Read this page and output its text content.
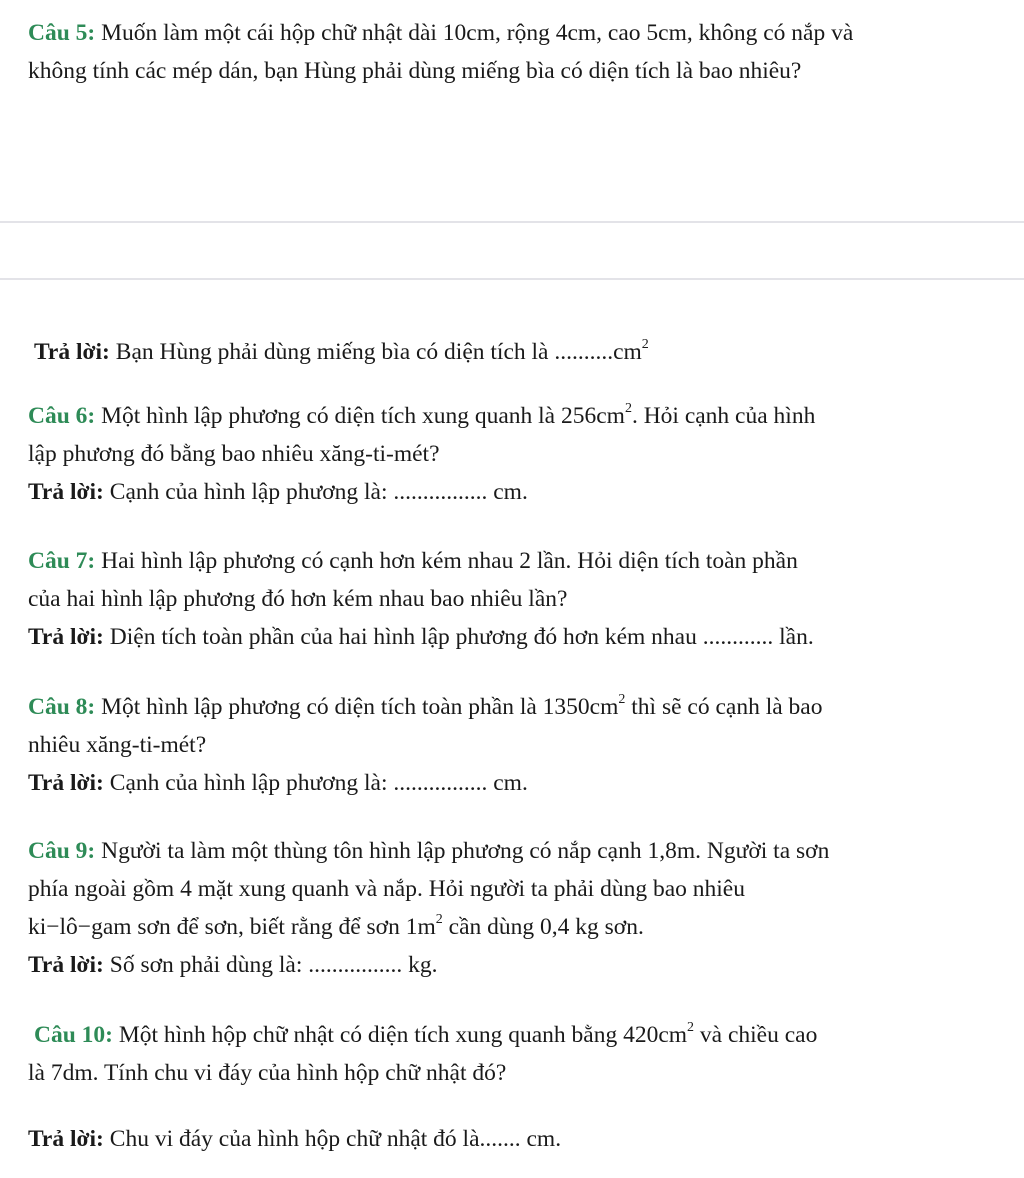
Câu 5: Muốn làm một cái hộp chữ nhật dài 10cm, rộng 4cm, cao 5cm, không có nắp và
không tính các mép dán, bạn Hùng phải dùng miếng bìa có diện tích là bao nhiêu?
Trả lời: Bạn Hùng phải dùng miếng bìa có diện tích là $..........cm^2$
Câu 6: Một hình lập phương có diện tích xung quanh là $256cm^2$. Hỏi cạnh của hình
lập phương đó bằng bao nhiêu xăng-ti-mét?
Trả lời: Cạnh của hình lập phương là: ................ cm.
Câu 7: Hai hình lập phương có cạnh hơn kém nhau 2 lần. Hỏi diện tích toàn phần
của hai hình lập phương đó hơn kém nhau bao nhiêu lần?
Trả lời: Diện tích toàn phần của hai hình lập phương đó hơn kém nhau ............ lần.
Câu 8: Một hình lập phương có diện tích toàn phần là $1350cm^2$ thì sẽ có cạnh là bao
nhiêu xăng-ti-mét?
Trả lời: Cạnh của hình lập phương là: ................ cm.
Câu 9: Người ta làm một thùng tôn hình lập phương có nắp cạnh 1,8m. Người ta sơn
phía ngoài gồm 4 mặt xung quanh và nắp. Hỏi người ta phải dùng bao nhiêu
ki−lô−gam sơn để sơn, biết rằng để sơn $1m^2$ cần dùng 0,4 kg sơn.
Trả lời: Số sơn phải dùng là: ................ kg.
Câu 10: Một hình hộp chữ nhật có diện tích xung quanh bằng $420cm^2$ và chiều cao
là 7dm. Tính chu vi đáy của hình hộp chữ nhật đó?
Trả lời: Chu vi đáy của hình hộp chữ nhật đó là....... cm.
